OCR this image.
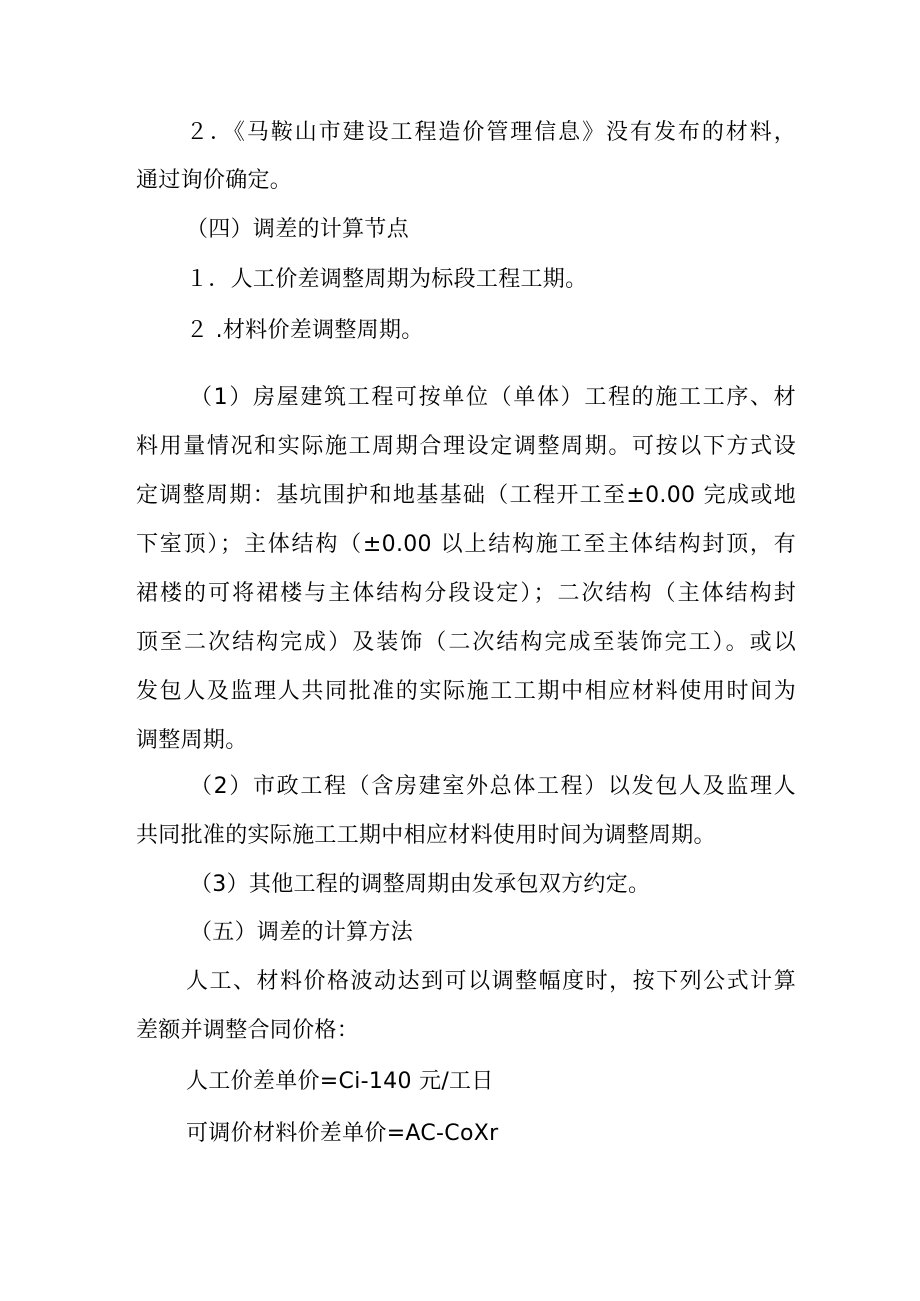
２．《马鞍山市建设工程造价管理信息》没有发布的材料，
通过询价确定。
（四）调差的计算节点
１．人工价差调整周期为标段工程工期。
２ .材料价差调整周期。
（1）房屋建筑工程可按单位（单体）工程的施工工序、材
料用量情况和实际施工周期合理设定调整周期。可按以下方式设
定调整周期：基坑围护和地基基础（工程开工至±0.00 完成或地
下室顶）；主体结构（±0.00 以上结构施工至主体结构封顶，有
裙楼的可将裙楼与主体结构分段设定）；二次结构（主体结构封
顶至二次结构完成）及装饰（二次结构完成至装饰完工）。或以
发包人及监理人共同批准的实际施工工期中相应材料使用时间为
调整周期。
（2）市政工程（含房建室外总体工程）以发包人及监理人
共同批准的实际施工工期中相应材料使用时间为调整周期。
（3）其他工程的调整周期由发承包双方约定。
（五）调差的计算方法
人工、材料价格波动达到可以调整幅度时，按下列公式计算
差额并调整合同价格：
人工价差单价=Ci-140 元/工日
可调价材料价差单价=AC-CoXr
